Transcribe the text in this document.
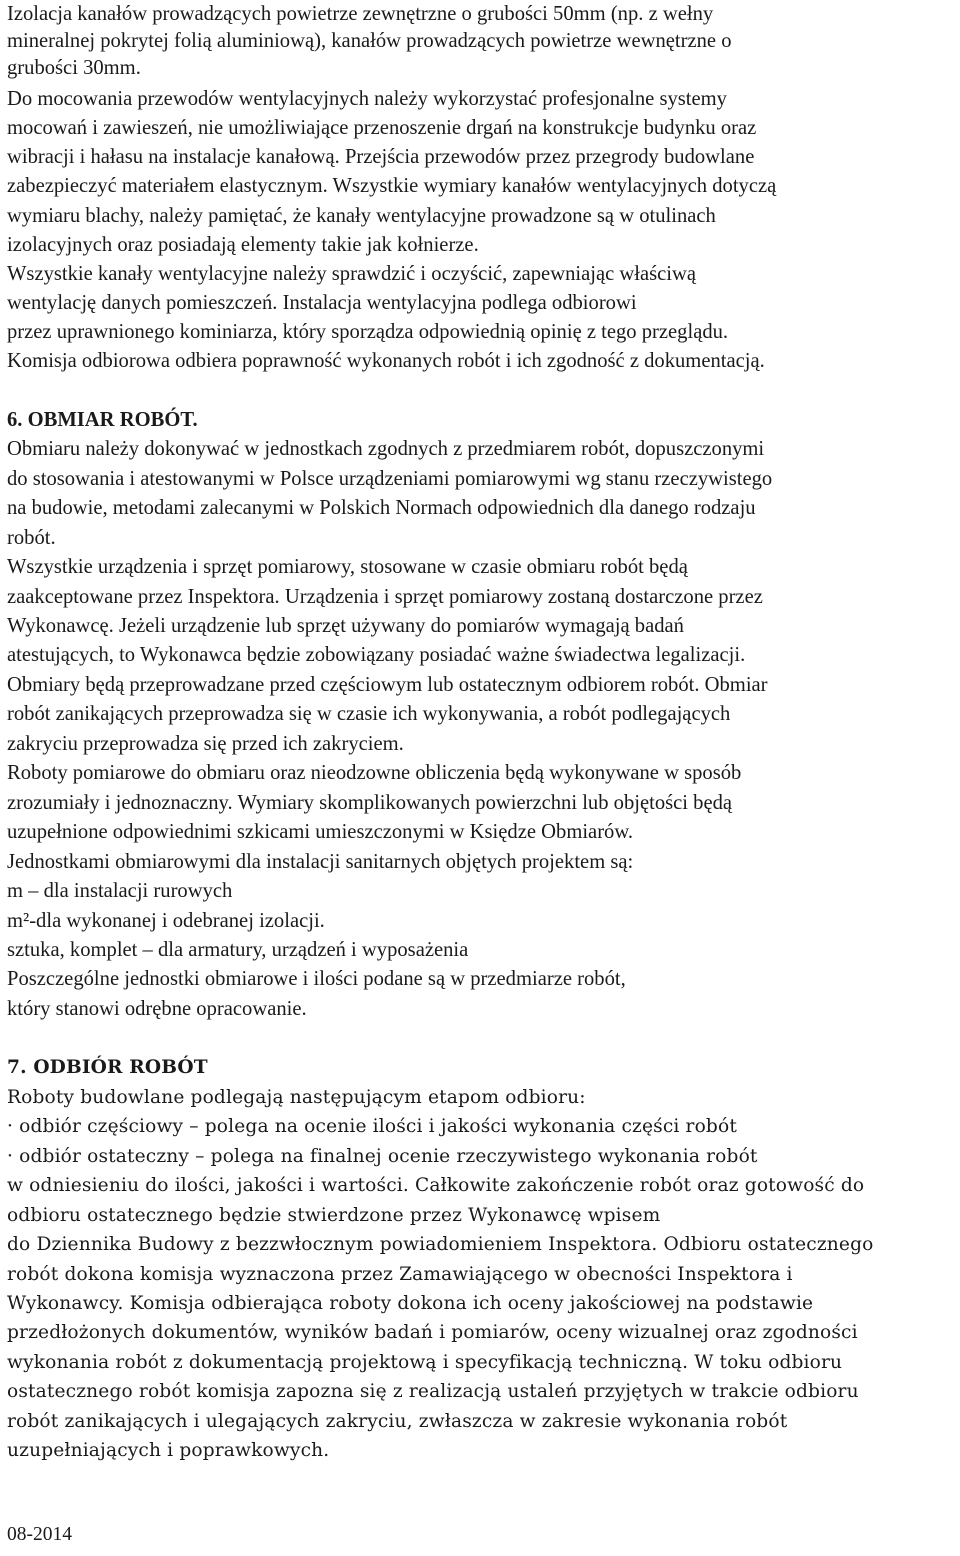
Izolacja kanałów prowadzących powietrze zewnętrzne o grubości 50mm (np. z wełny
mineralnej pokrytej folią aluminiową), kanałów prowadzących powietrze wewnętrzne o
grubości 30mm.
Do mocowania przewodów wentylacyjnych należy wykorzystać profesjonalne systemy
mocowań i zawieszeń, nie umożliwiające przenoszenie drgań na konstrukcje budynku oraz
wibracji i hałasu na instalacje kanałową. Przejścia przewodów przez przegrody budowlane
zabezpieczyć materiałem elastycznym. Wszystkie wymiary kanałów wentylacyjnych dotyczą
wymiaru blachy, należy pamiętać, że kanały wentylacyjne prowadzone są w otulinach
izolacyjnych oraz posiadają elementy takie jak kołnierze.
Wszystkie kanały wentylacyjne należy sprawdzić i oczyścić, zapewniając właściwą
wentylację danych pomieszczeń. Instalacja wentylacyjna podlega odbiorowi
przez uprawnionego kominiarza, który sporządza odpowiednią opinię z tego przeglądu.
Komisja odbiorowa odbiera poprawność wykonanych robót i ich zgodność z dokumentacją.
6. OBMIAR ROBÓT.
Obmiaru należy dokonywać w jednostkach zgodnych z przedmiarem robót, dopuszczonymi
do stosowania i atestowanymi w Polsce urządzeniami pomiarowymi wg stanu rzeczywistego
na budowie, metodami zalecanymi w Polskich Normach odpowiednich dla danego rodzaju
robót.
Wszystkie urządzenia i sprzęt pomiarowy, stosowane w czasie obmiaru robót będą
zaakceptowane przez Inspektora. Urządzenia i sprzęt pomiarowy zostaną dostarczone przez
Wykonawcę. Jeżeli urządzenie lub sprzęt używany do pomiarów wymagają badań
atestujących, to Wykonawca będzie zobowiązany posiadać ważne świadectwa legalizacji.
Obmiary będą przeprowadzane przed częściowym lub ostatecznym odbiorem robót. Obmiar
robót zanikających przeprowadza się w czasie ich wykonywania, a robót podlegających
zakryciu przeprowadza się przed ich zakryciem.
Roboty pomiarowe do obmiaru oraz nieodzowne obliczenia będą wykonywane w sposób
zrozumiały i jednoznaczny. Wymiary skomplikowanych powierzchni lub objętości będą
uzupełnione odpowiednimi szkicami umieszczonymi w Księdze Obmiarów.
Jednostkami obmiarowymi dla instalacji sanitarnych objętych projektem są:
m – dla instalacji rurowych
m²-dla wykonanej i odebranej izolacji.
sztuka, komplet – dla armatury, urządzeń i wyposażenia
Poszczególne jednostki obmiarowe i ilości podane są w przedmiarze robót,
który stanowi odrębne opracowanie.
7. ODBIÓR ROBÓT
Roboty budowlane podlegają następującym etapom odbioru:
· odbiór częściowy – polega na ocenie ilości i jakości wykonania części robót
· odbiór ostateczny – polega na finalnej ocenie rzeczywistego wykonania robót
w odniesieniu do ilości, jakości i wartości. Całkowite zakończenie robót oraz gotowość do
odbioru ostatecznego będzie stwierdzone przez Wykonawcę wpisem
do Dziennika Budowy z bezzwłocznym powiadomieniem Inspektora. Odbioru ostatecznego
robót dokona komisja wyznaczona przez Zamawiającego w obecności Inspektora i
Wykonawcy. Komisja odbierająca roboty dokona ich oceny jakościowej na podstawie
przedłożonych dokumentów, wyników badań i pomiarów, oceny wizualnej oraz zgodności
wykonania robót z dokumentacją projektową i specyfikacją techniczną. W toku odbioru
ostatecznego robót komisja zapozna się z realizacją ustaleń przyjętych w trakcie odbioru
robót zanikających i ulegających zakryciu, zwłaszcza w zakresie wykonania robót
uzupełniających i poprawkowych.
08-2014
